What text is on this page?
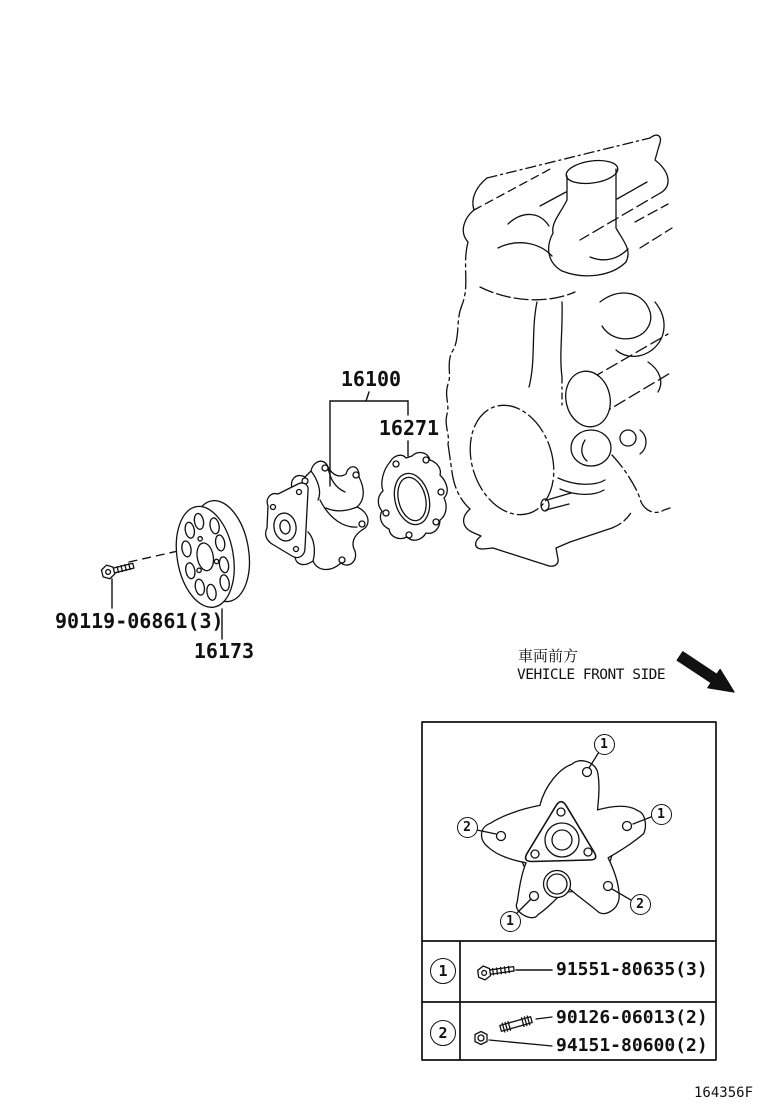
16100
16271
16173
90119-06861(3)
車両前方
VEHICLE FRONT SIDE
1
1
2
1
2
1	91551-80635(3)
2
90126-06013(2)
94151-80600(2)
164356F
